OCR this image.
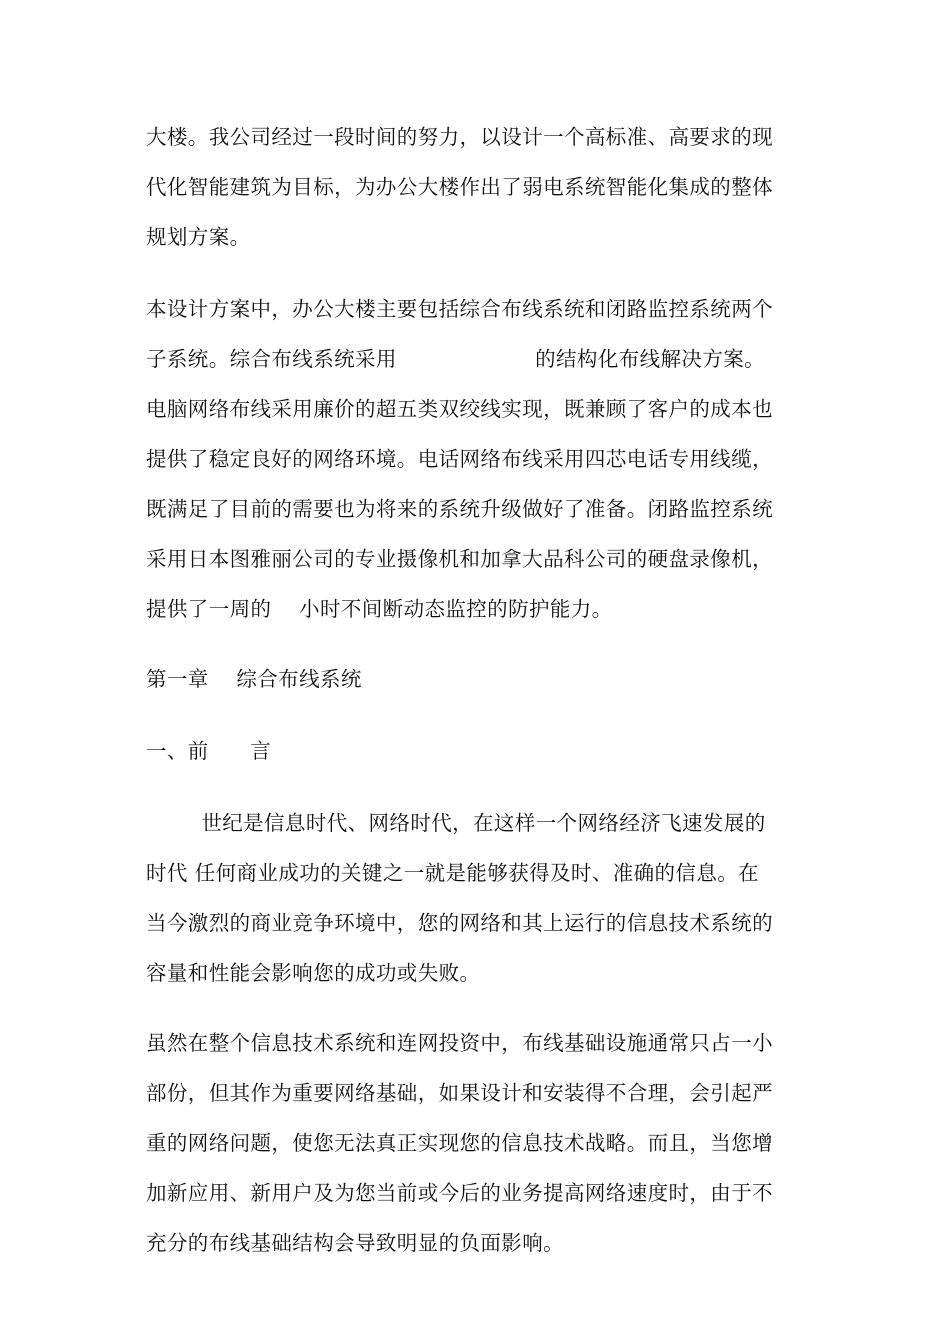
大楼。我公司经过一段时间的努力，以设计一个高标准、高要求的现
代化智能建筑为目标，为办公大楼作出了弱电系统智能化集成的整体
规划方案。
本设计方案中，办公大楼主要包括综合布线系统和闭路监控系统两个
子系统。综合布线系统采用                    的结构化布线解决方案。
电脑网络布线采用廉价的超五类双绞线实现，既兼顾了客户的成本也
提供了稳定良好的网络环境。电话网络布线采用四芯电话专用线缆，
既满足了目前的需要也为将来的系统升级做好了准备。闭路监控系统
采用日本图雅丽公司的专业摄像机和加拿大品科公司的硬盘录像机，
提供了一周的    小时不间断动态监控的防护能力。
第一章    综合布线系统
一、前      言
世纪是信息时代、网络时代，在这样一个网络经济飞速发展的
时代 任何商业成功的关键之一就是能够获得及时、准确的信息。在
当今激烈的商业竞争环境中，您的网络和其上运行的信息技术系统的
容量和性能会影响您的成功或失败。
虽然在整个信息技术系统和连网投资中，布线基础设施通常只占一小
部份，但其作为重要网络基础，如果设计和安装得不合理，会引起严
重的网络问题，使您无法真正实现您的信息技术战略。而且，当您增
加新应用、新用户及为您当前或今后的业务提高网络速度时，由于不
充分的布线基础结构会导致明显的负面影响。
